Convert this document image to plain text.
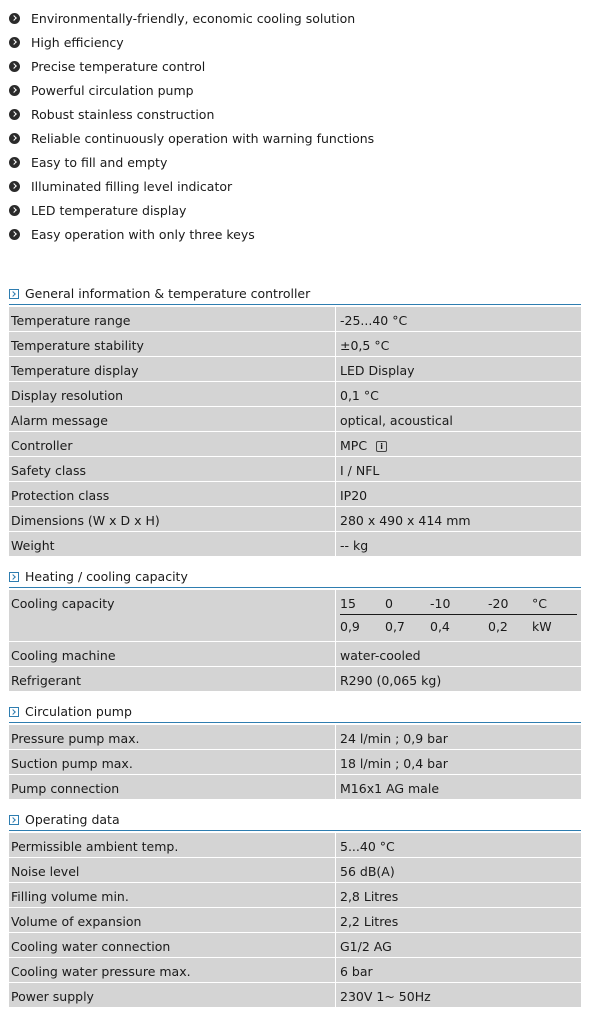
Environmentally-friendly, economic cooling solution
High efficiency
Precise temperature control
Powerful circulation pump
Robust stainless construction
Reliable continuously operation with warning functions
Easy to fill and empty
Illuminated filling level indicator
LED temperature display
Easy operation with only three keys
General information & temperature controller
Temperature range	-25...40 °C
Temperature stability	±0,5 °C
Temperature display	LED Display
Display resolution	0,1 °C
Alarm message	optical, acoustical
Controller	MPC i
Safety class	I / NFL
Protection class	IP20
Dimensions (W x D x H)	280 x 490 x 414 mm
Weight	-- kg
Heating / cooling capacity
Cooling capacity	15	0	-10	-20	°C
0,9	0,7	0,4	0,2	kW
Cooling machine	water-cooled
Refrigerant	R290 (0,065 kg)
Circulation pump
Pressure pump max.	24 l/min ; 0,9 bar
Suction pump max.	18 l/min ; 0,4 bar
Pump connection	M16x1 AG male
Operating data
Permissible ambient temp.	5...40 °C
Noise level	56 dB(A)
Filling volume min.	2,8 Litres
Volume of expansion	2,2 Litres
Cooling water connection	G1/2 AG
Cooling water pressure max.	6 bar
Power supply	230V 1~ 50Hz
